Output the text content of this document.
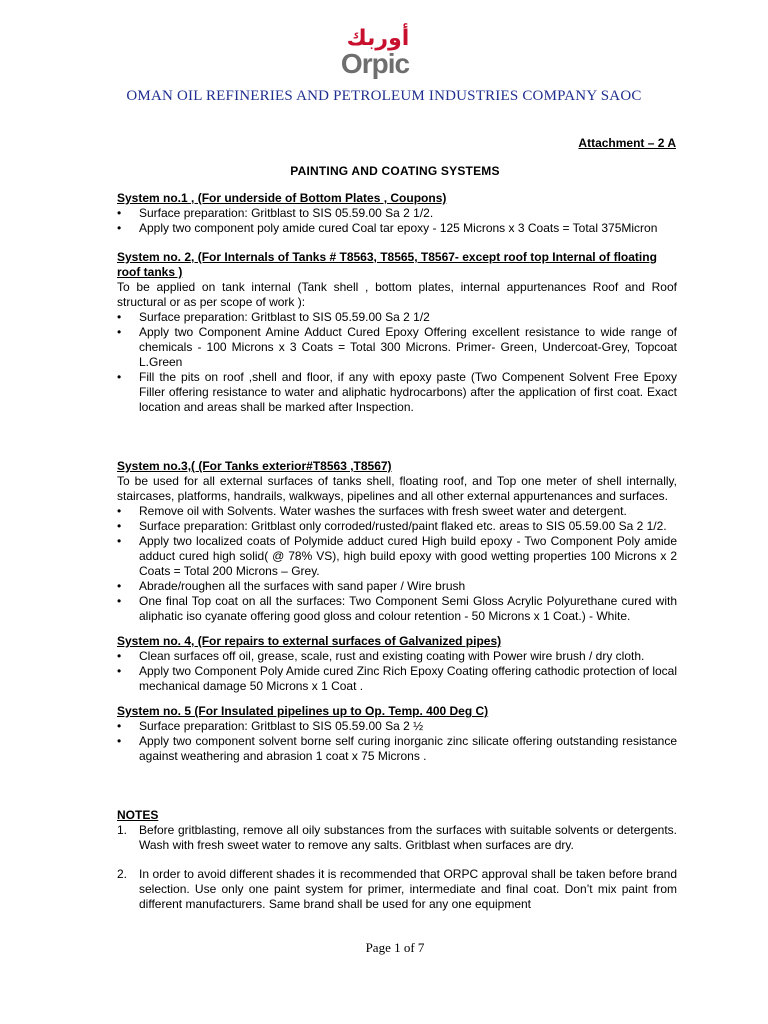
أوربك
Orpic
OMAN OIL REFINERIES AND PETROLEUM INDUSTRIES COMPANY SAOC
Attachment – 2 A
PAINTING AND COATING SYSTEMS

System no.1 , (For underside of Bottom Plates , Coupons)

• Surface preparation: Gritblast to SIS 05.59.00 Sa 2 1/2.
• Apply two component poly amide cured Coal tar epoxy - 125 Microns x 3 Coats = Total 375Micron

System no. 2, (For Internals of Tanks # T8563, T8565, T8567- except roof top Internal of floating roof tanks )

To be applied on tank internal (Tank shell , bottom plates, internal appurtenances Roof and Roof structural or as per scope of work ):

• Surface preparation: Gritblast to SIS 05.59.00 Sa 2 1/2
• Apply two Component Amine Adduct Cured Epoxy Offering excellent resistance to wide range of chemicals - 100 Microns x 3 Coats = Total 300 Microns. Primer- Green, Undercoat-Grey, Topcoat L.Green
• Fill the pits on roof ,shell and floor, if any with epoxy paste (Two Compenent Solvent Free Epoxy Filler offering resistance to water and aliphatic hydrocarbons) after the application of first coat. Exact location and areas shall be marked after Inspection.

System no.3,( (For Tanks exterior#T8563 ,T8567)

To be used for all external surfaces of tanks shell, floating roof, and Top one meter of shell internally, staircases, platforms, handrails, walkways, pipelines and all other external appurtenances and surfaces.

• Remove oil with Solvents. Water washes the surfaces with fresh sweet water and detergent.
• Surface preparation: Gritblast only corroded/rusted/paint flaked etc. areas to SIS 05.59.00 Sa 2 1/2.
• Apply two localized coats of Polymide adduct cured High build epoxy - Two Component Poly amide adduct cured high solid( @ 78% VS), high build epoxy with good wetting properties 100 Microns x 2 Coats = Total 200 Microns – Grey.
• Abrade/roughen all the surfaces with sand paper / Wire brush
• One final Top coat on all the surfaces: Two Component Semi Gloss Acrylic Polyurethane cured with aliphatic iso cyanate offering good gloss and colour retention - 50 Microns x 1 Coat.) - White.

System no. 4, (For repairs to external surfaces of Galvanized pipes)

• Clean surfaces off oil, grease, scale, rust and existing coating with Power wire brush / dry cloth.
• Apply two Component Poly Amide cured Zinc Rich Epoxy Coating offering cathodic protection of local mechanical damage 50 Microns x 1 Coat .

System no. 5 (For Insulated pipelines up to Op. Temp. 400 Deg C)

• Surface preparation: Gritblast to SIS 05.59.00 Sa 2 ½
• Apply two component solvent borne self curing inorganic zinc silicate offering outstanding resistance against weathering and abrasion 1 coat x 75 Microns .

NOTES

1. Before gritblasting, remove all oily substances from the surfaces with suitable solvents or detergents. Wash with fresh sweet water to remove any salts. Gritblast when surfaces are dry.
2. In order to avoid different shades it is recommended that ORPC approval shall be taken before brand selection. Use only one paint system for primer, intermediate and final coat. Don’t mix paint from different manufacturers. Same brand shall be used for any one equipment
Page 1 of 7
